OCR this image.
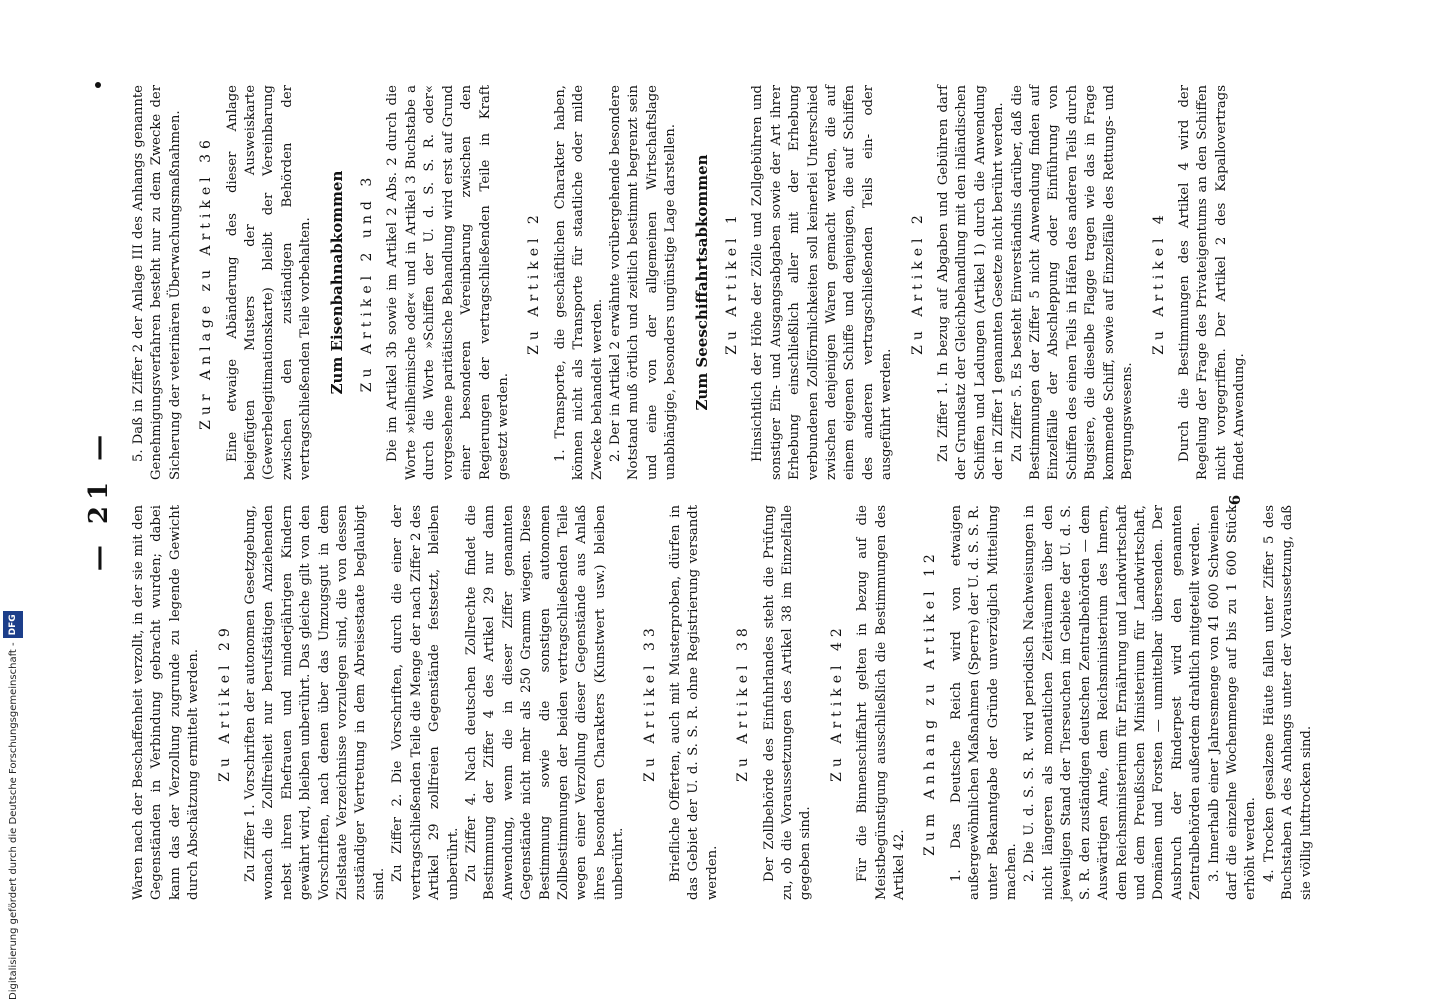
— 21 —

Waren nach der Beschaffenheit verzollt, in der sie mit den Gegenständen in Verbindung gebracht wurden; dabei kann das der Verzollung zugrunde zu legende Gewicht durch Abschätzung ermittelt werden. Zu Artikel 29 Zu Ziffer 1. Vorschriften der autonomen Gesetzgebung, wonach die Zollfreiheit nur berufstätigen Anziehenden nebst ihren Ehefrauen und minderjährigen Kindern gewährt wird, bleiben unberührt. Das gleiche gilt von den Vorschriften, nach denen über das Umzugsgut in dem Zielstaate Verzeichnisse vorzulegen sind, die von dessen zuständiger Vertretung in dem Abreisestaate beglaubigt sind.

Zu Ziffer 2. Die Vorschriften, durch die einer der vertragschließenden Teile die Menge der nach Ziffer 2 des Artikel 29 zollfreien Gegenstände festsetzt, bleiben unberührt. Zu Ziffer 4. Nach deutschen Zollrechte findet die Bestimmung der Ziffer 4 des Artikel 29 nur dann Anwendung, wenn die in dieser Ziffer genannten Gegenstände nicht mehr als 250 Gramm wiegen. Diese Bestimmung sowie die sonstigen autonomen Zollbestimmungen der beiden vertragschließenden Teile wegen einer Verzollung dieser Gegenstände aus Anlaß ihres besonderen Charakters (Kunstwert usw.) bleiben unberührt.

Zu Artikel 33 Briefliche Offerten, auch mit Musterproben, dürfen in das Gebiet der U. d. S. S. R. ohne Registrierung versandt werden.

Zu Artikel 38 Der Zollbehörde des Einfuhrlandes steht die Prüfung zu, ob die Voraussetzungen des Artikel 38 im Einzelfalle gegeben sind.

Zu Artikel 42 Für die Binnenschiffahrt gelten in bezug auf die Meistbegünstigung ausschließlich die Bestimmungen des Artikel 42.

Zum Anhang zu Artikel 12 1. Das Deutsche Reich wird von etwaigen außergewöhnlichen Maßnahmen (Sperre) der U. d. S. S. R. unter Bekanntgabe der Gründe unverzüglich Mitteilung machen. 2. Die U. d. S. S. R. wird periodisch Nachweisungen in nicht längeren als monatlichen Zeiträumen über den jeweiligen Stand der Tierseuchen im Gebiete der U. d. S. S. R. den zuständigen deutschen Zentralbehörden — dem Auswärtigen Amte, dem Reichsministerium des Innern, dem Reichsministerium für Ernährung und Landwirtschaft und dem Preußischen Ministerium für Landwirtschaft, Domänen und Forsten — unmittelbar übersenden. Der Ausbruch der Rinderpest wird den genannten Zentralbehörden außerdem drahtlich mitgeteilt werden. 3. Innerhalb einer Jahresmenge von 41 600 Schweinen darf die einzelne Wochenmenge auf bis zu 1 600 Stück erhöht werden. 4. Trocken gesalzene Häute fallen unter Ziffer 5 des Buchstaben A des Anhangs unter der Voraussetzung, daß sie völlig lufttrocken sind.

5. Daß in Ziffer 2 der Anlage III des Anhangs genannte Genehmigungsverfahren besteht nur zu dem Zwecke der Sicherung der veterinären Überwachungsmaßnahmen. Zur Anlage zu Artikel 36 Eine etwaige Abänderung des dieser Anlage beigefügten Musters der Ausweiskarte (Gewerbelegitimationskarte) bleibt der Vereinbarung zwischen den zuständigen Behörden der vertragschließenden Teile vorbehalten. Zum Eisenbahnabkommen Zu Artikel 2 und 3 Die im Artikel 3b sowie im Artikel 2 Abs. 2 durch die Worte »teilheimische oder« und in Artikel 3 Buchstabe a durch die Worte »Schiffen der U. d. S. S. R. oder« vorgesehene paritätische Behandlung wird erst auf Grund einer besonderen Vereinbarung zwischen den Regierungen der vertragschließenden Teile in Kraft gesetzt werden.

Zu Artikel 2 1. Transporte, die geschäftlichen Charakter haben, können nicht als Transporte für staatliche oder milde Zwecke behandelt werden. 2. Der in Artikel 2 erwähnte vorübergehende besondere Notstand muß örtlich und zeitlich bestimmt begrenzt sein und eine von der allgemeinen Wirtschaftslage unabhängige, besonders ungünstige Lage darstellen. Zum Seeschiffahrtsabkommen Zu Artikel 1 Hinsichtlich der Höhe der Zölle und Zollgebühren und sonstiger Ein- und Ausgangsabgaben sowie der Art ihrer Erhebung einschließlich aller mit der Erhebung verbundenen Zollförmlichkeiten soll keinerlei Unterschied zwischen denjenigen Waren gemacht werden, die auf einem eigenen Schiffe und denjenigen, die auf Schiffen des anderen vertragschließenden Teils ein- oder ausgeführt werden.

Zu Artikel 2 Zu Ziffer 1. In bezug auf Abgaben und Gebühren darf der Grundsatz der Gleichbehandlung mit den inländischen Schiffen und Ladungen (Artikel 1) durch die Anwendung der in Ziffer 1 genannten Gesetze nicht berührt werden. Zu Ziffer 5. Es besteht Einverständnis darüber, daß die Bestimmungen der Ziffer 5 nicht Anwendung finden auf Einzelfälle der Abschleppung oder Einführung von Schiffen des einen Teils in Häfen des anderen Teils durch Bugsiere, die dieselbe Flagge tragen wie das in Frage kommende Schiff, sowie auf Einzelfälle des Rettungs- und Bergungswesens.

Zu Artikel 4 Durch die Bestimmungen des Artikel 4 wird der Regelung der Frage des Privateigentums an den Schiffen nicht vorgegriffen. Der Artikel 2 des Kapallovertrags findet Anwendung.

6
Digitalisierung gefördert durch die Deutsche Forschungsgemeinschaft -DFG
